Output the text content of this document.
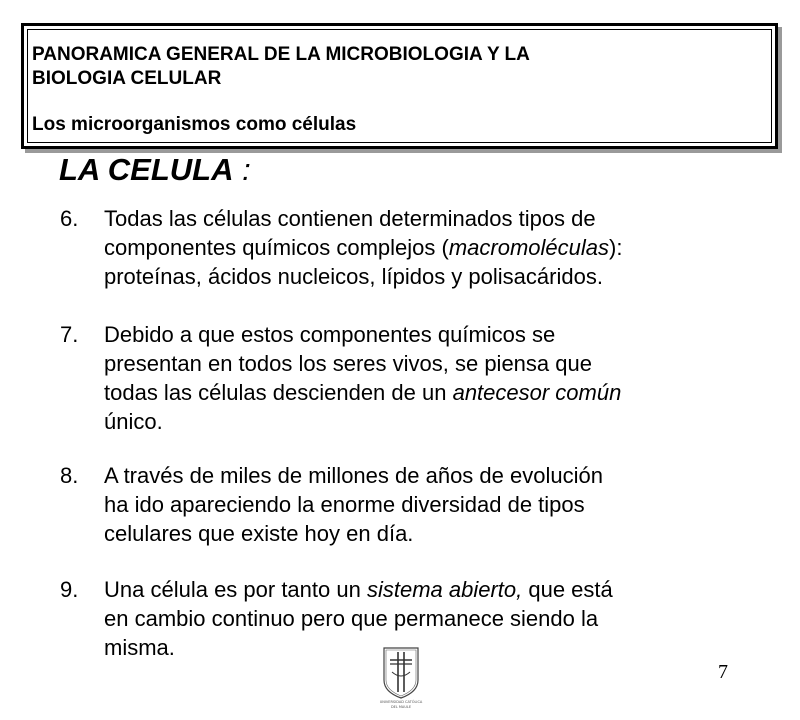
PANORAMICA GENERAL DE LA MICROBIOLOGIA Y LA
BIOLOGIA CELULAR
Los microorganismos como células
LA CELULA :
6. Todas las células contienen determinados tipos de
componentes químicos complejos (macromoléculas):
proteínas, ácidos nucleicos, lípidos y polisacáridos.
7. Debido a que estos componentes químicos se
presentan en todos los seres vivos, se piensa que
todas las células descienden de un antecesor común
único.
8. A través de miles de millones de años de evolución
ha ido apareciendo la enorme diversidad de tipos
celulares que existe hoy en día.
9. Una célula es por tanto un sistema abierto, que está
en cambio continuo pero que permanece siendo la
misma.
UNIVERSIDAD CATÓLICA
DEL MAULE
7
